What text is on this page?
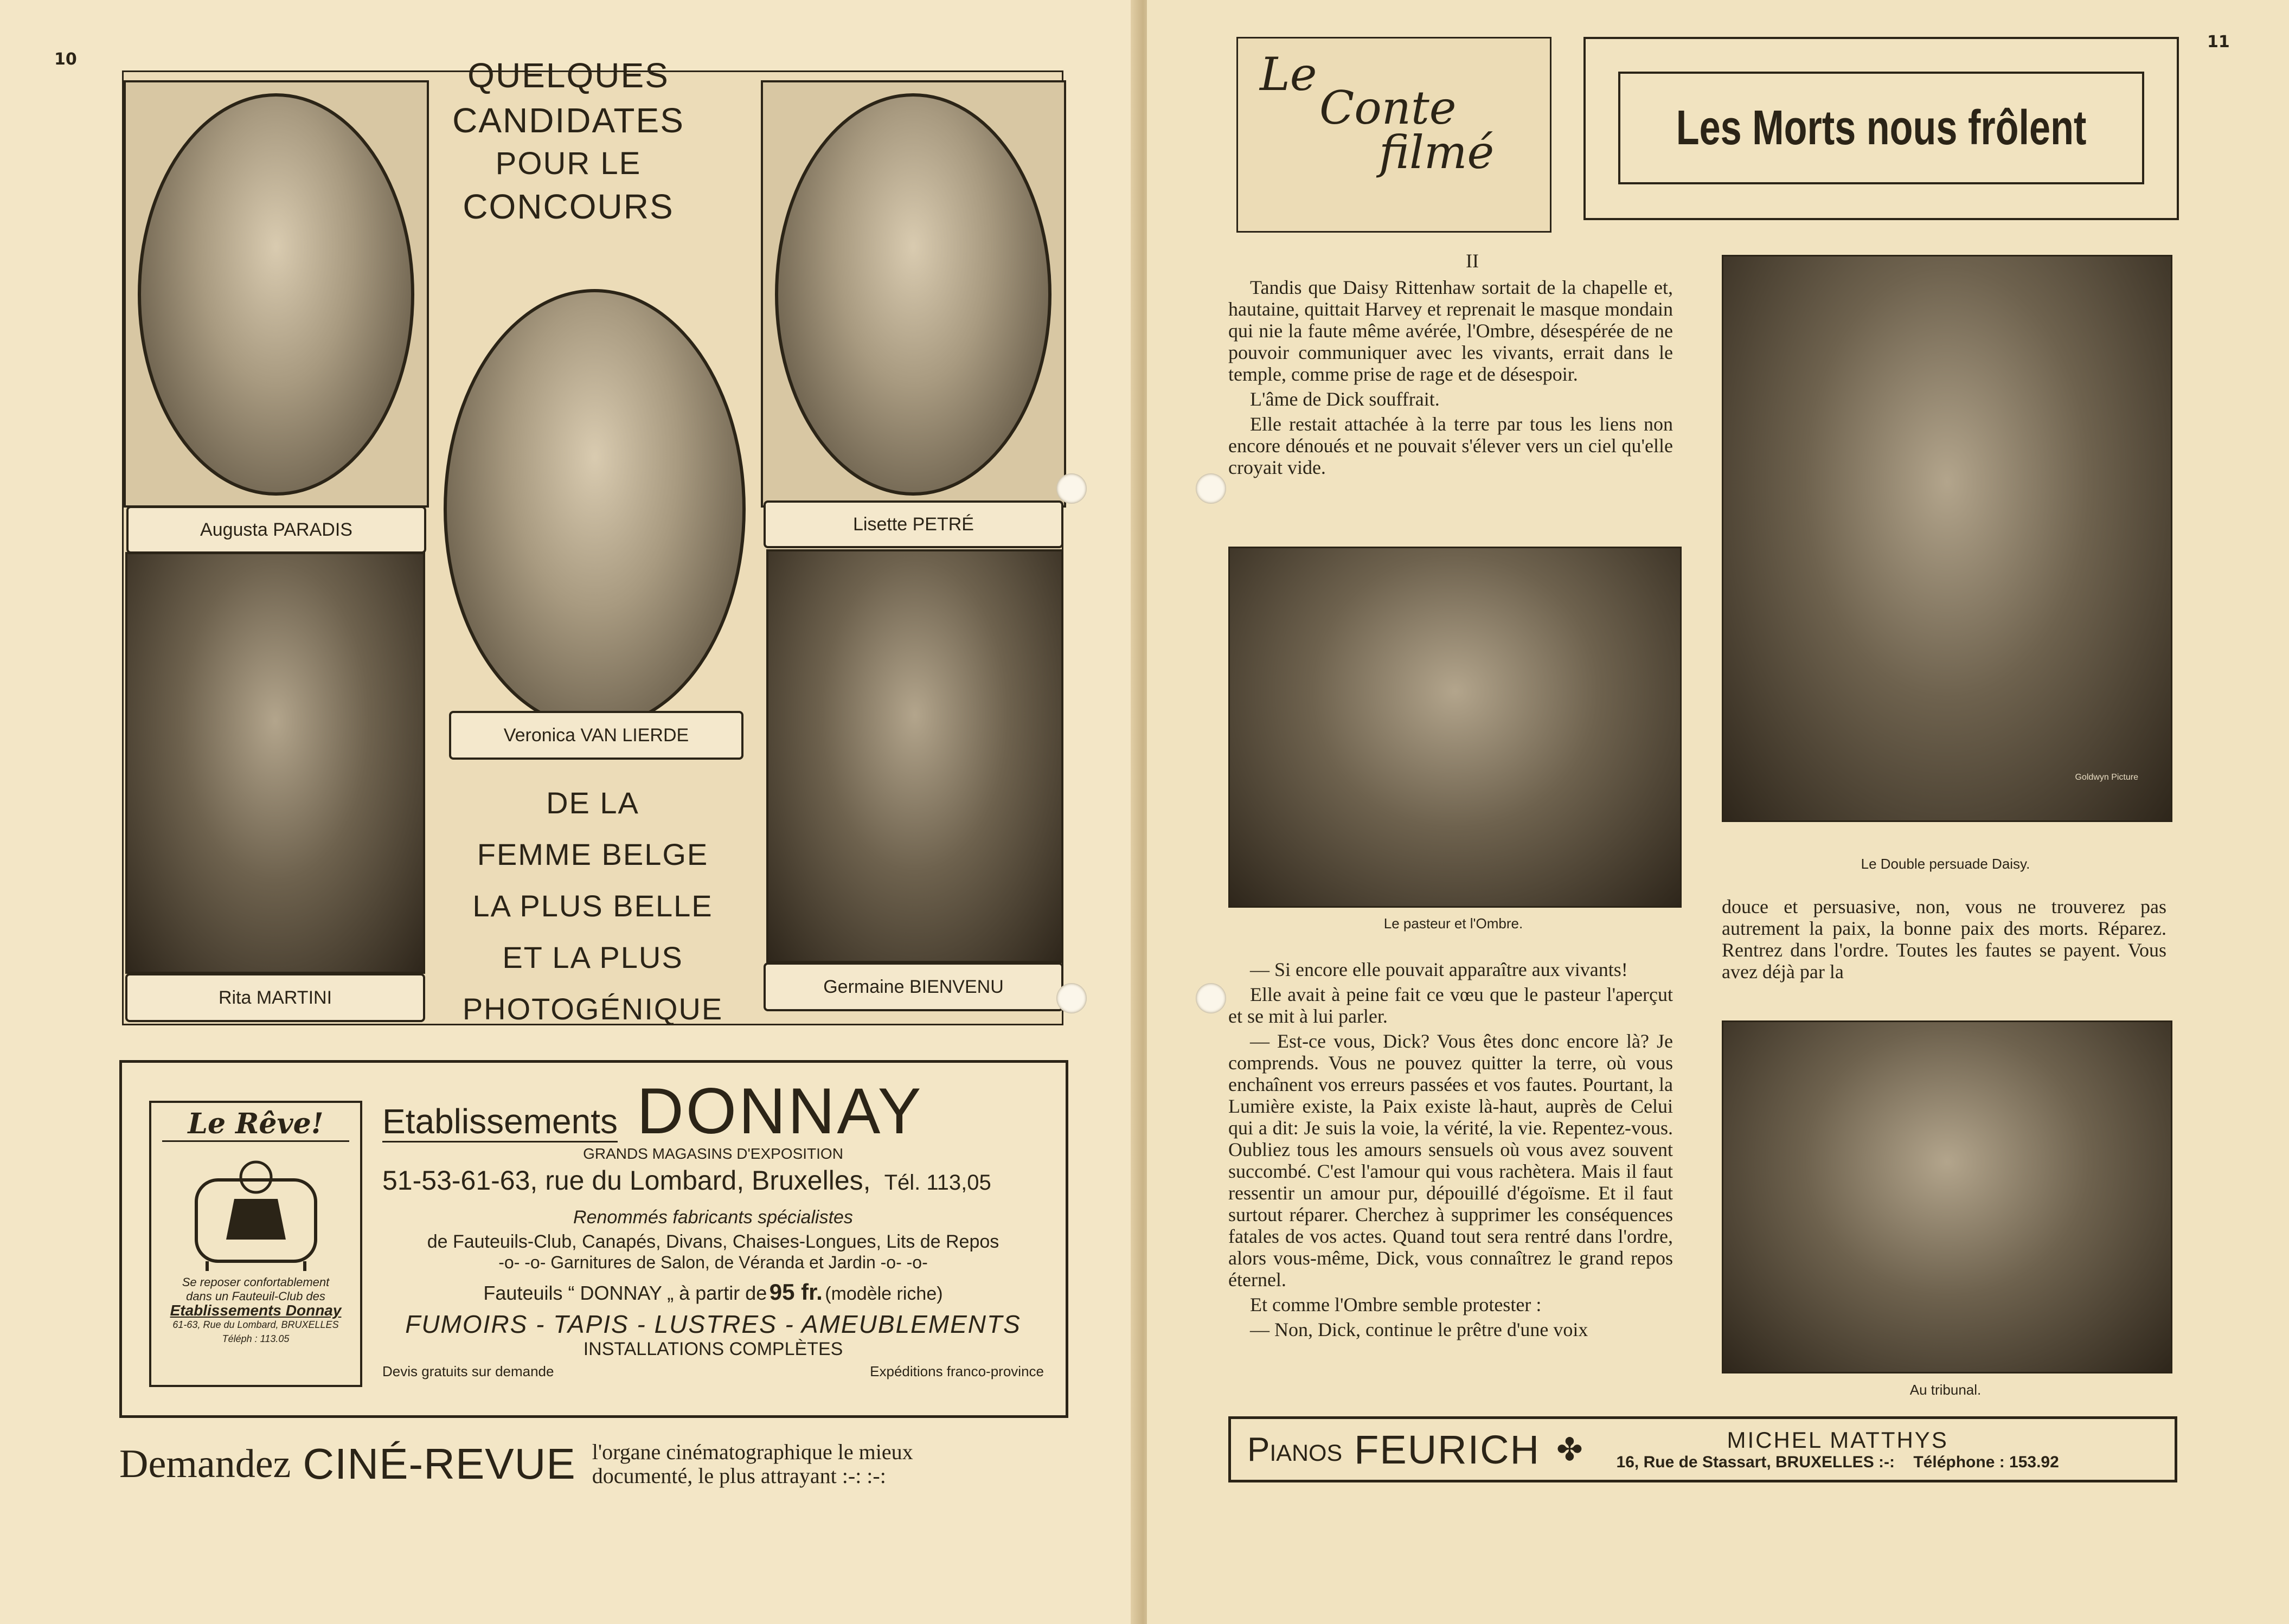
10	QUELQUES
CANDIDATES
POUR LE
CONCOURS
Augusta PARADIS	Lisette PETRÉ
Veronica VAN LIERDE
Rita MARTINI
Germaine BIENVENU
DE LA
FEMME BELGE
LA PLUS BELLE
ET LA PLUS
PHOTOGÉNIQUE
Le Rêve!
Se reposer confortablement
dans un Fauteuil-Club des
Etablissements Donnay
61-63, Rue du Lombard, BRUXELLES
Téléph : 113.05
Etablissements DONNAY
GRANDS MAGASINS D'EXPOSITION
51-53-61-63, rue du Lombard, Bruxelles, Tél. 113,05
Renommés fabricants spécialistes
de Fauteuils-Club, Canapés, Divans, Chaises-Longues, Lits de Repos
-o- -o- Garnitures de Salon, de Véranda et Jardin -o- -o-
Fauteuils “ DONNAY „ à partir de 95 fr. (modèle riche)
FUMOIRS - TAPIS - LUSTRES - AMEUBLEMENTS
INSTALLATIONS COMPLÈTES
Devis gratuits sur demande	Expéditions franco-province
Demandez CINÉ-REVUE l'organe cinématographique le mieux
documenté, le plus attrayant :-: :-:
11
Le
Conte
filmé	Les Morts nous frôlent
II

Tandis que Daisy Rittenhaw sortait de la chapelle et, hautaine, quittait Harvey et reprenait le masque mondain qui nie la faute même avérée, l'Ombre, désespérée de ne pouvoir communiquer avec les vivants, errait dans le temple, comme prise de rage et de désespoir.

L'âme de Dick souffrait.

Elle restait attachée à la terre par tous les liens non encore dénoués et ne pouvait s'élever vers un ciel qu'elle croyait vide.

Le pasteur et l'Ombre.

— Si encore elle pouvait apparaître aux vivants!

Elle avait à peine fait ce vœu que le pasteur l'aperçut et se mit à lui parler.

— Est-ce vous, Dick? Vous êtes donc encore là? Je comprends. Vous ne pouvez quitter la terre, où vous enchaînent vos erreurs passées et vos fautes. Pourtant, la Lumière existe, la Paix existe là-haut, auprès de Celui qui a dit: Je suis la voie, la vérité, la vie. Repentez-vous. Oubliez tous les amours sensuels où vous avez souvent succombé. C'est l'amour qui vous rachètera. Mais il faut ressentir un amour pur, dépouillé d'égoïsme. Et il faut surtout réparer. Cherchez à supprimer les conséquences fatales de vos actes. Quand tout sera rentré dans l'ordre, alors vous-même, Dick, vous connaîtrez le grand repos éternel.

Et comme l'Ombre semble protester :

— Non, Dick, continue le prêtre d'une voix

Goldwyn Picture
Le Double persuade Daisy.

douce et persuasive, non, vous ne trouverez pas autrement la paix, la bonne paix des morts. Réparez. Rentrez dans l'ordre. Toutes les fautes se payent. Vous avez déjà par la

Au tribunal.
Pianos FEURICH ✤	MICHEL MATTHYS
16, Rue de Stassart, BRUXELLES :-: Téléphone : 153.92
